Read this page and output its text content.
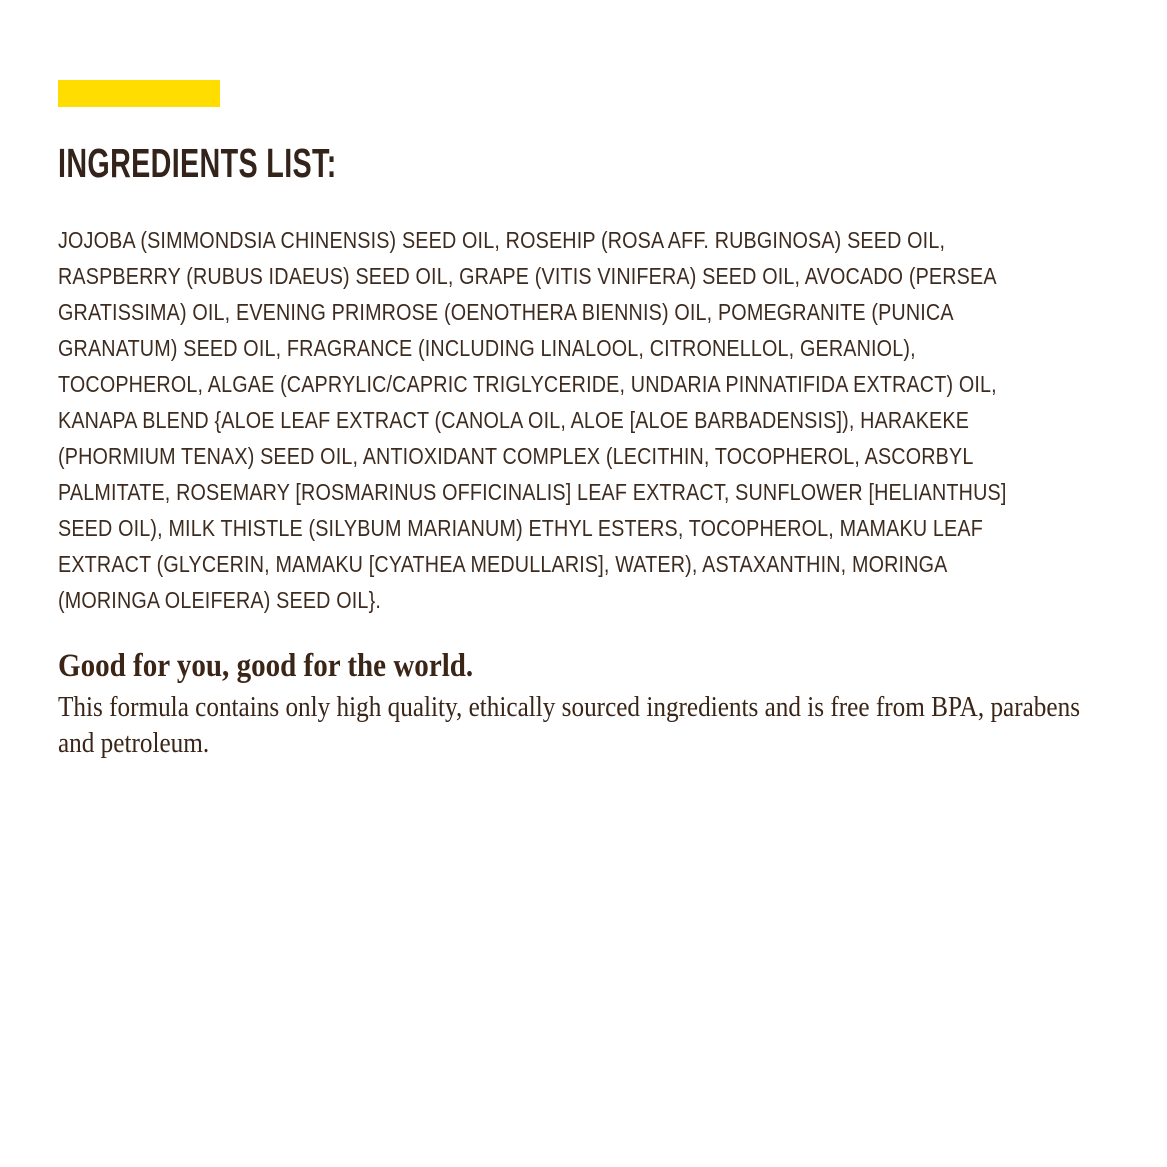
INGREDIENTS LIST:
JOJOBA (SIMMONDSIA CHINENSIS) SEED OIL, ROSEHIP (ROSA AFF. RUBGINOSA) SEED OIL,
RASPBERRY (RUBUS IDAEUS) SEED OIL, GRAPE (VITIS VINIFERA) SEED OIL, AVOCADO (PERSEA
GRATISSIMA) OIL, EVENING PRIMROSE (OENOTHERA BIENNIS) OIL, POMEGRANITE (PUNICA
GRANATUM) SEED OIL, FRAGRANCE (INCLUDING LINALOOL, CITRONELLOL, GERANIOL),
TOCOPHEROL, ALGAE (CAPRYLIC/CAPRIC TRIGLYCERIDE, UNDARIA PINNATIFIDA EXTRACT) OIL,
KANAPA BLEND {ALOE LEAF EXTRACT (CANOLA OIL, ALOE [ALOE BARBADENSIS]), HARAKEKE
(PHORMIUM TENAX) SEED OIL, ANTIOXIDANT COMPLEX (LECITHIN, TOCOPHEROL, ASCORBYL
PALMITATE, ROSEMARY [ROSMARINUS OFFICINALIS] LEAF EXTRACT, SUNFLOWER [HELIANTHUS]
SEED OIL), MILK THISTLE (SILYBUM MARIANUM) ETHYL ESTERS, TOCOPHEROL, MAMAKU LEAF
EXTRACT (GLYCERIN, MAMAKU [CYATHEA MEDULLARIS], WATER), ASTAXANTHIN, MORINGA
(MORINGA OLEIFERA) SEED OIL}.
Good for you, good for the world.

This formula contains only high quality, ethically sourced ingredients and is free from BPA, parabens and petroleum.
